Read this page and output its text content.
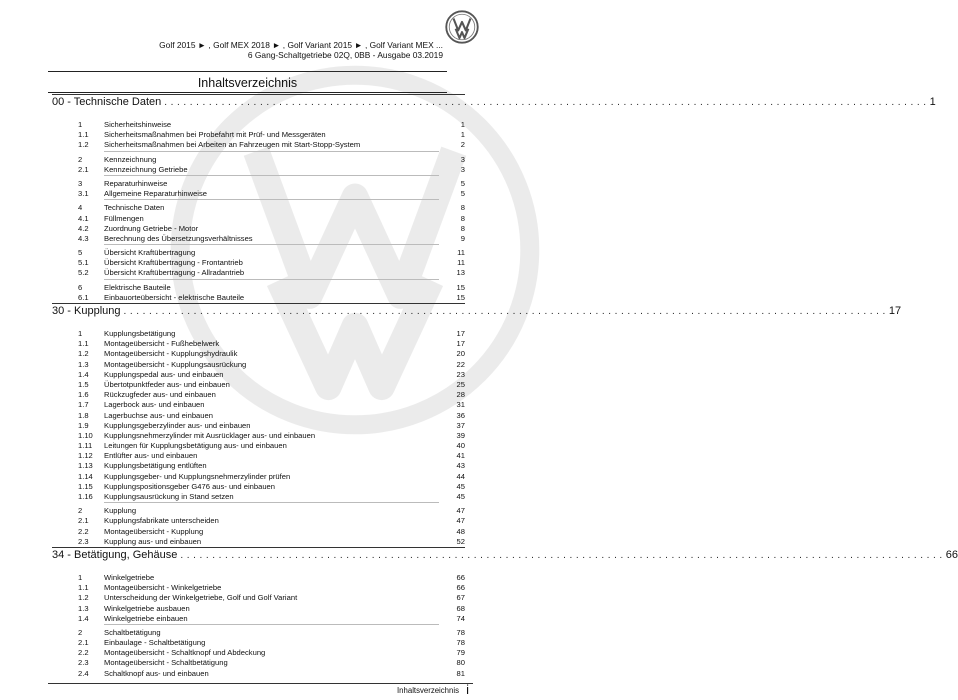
Golf 2015 ► , Golf MEX 2018 ► , Golf Variant 2015 ► , Golf Variant MEX ...
6 Gang-Schaltgetriebe 02Q, 0BB - Ausgabe 03.2019
Inhaltsverzeichnis
00 - Technische Daten ........................................................................................................................ 1
1	Sicherheitshinweise	1
1.1	Sicherheitsmaßnahmen bei Probefahrt mit Prüf- und Messgeräten	1
1.2	Sicherheitsmaßnahmen bei Arbeiten an Fahrzeugen mit Start-Stopp-System	2
2	Kennzeichnung	3
2.1	Kennzeichnung Getriebe	3
3	Reparaturhinweise	5
3.1	Allgemeine Reparaturhinweise	5
4	Technische Daten	8
4.1	Füllmengen	8
4.2	Zuordnung Getriebe - Motor	8
4.3	Berechnung des Übersetzungsverhältnisses	9
5	Übersicht Kraftübertragung	11
5.1	Übersicht Kraftübertragung - Frontantrieb	11
5.2	Übersicht Kraftübertragung - Allradantrieb	13
6	Elektrische Bauteile	15
6.1	Einbauorteübersicht - elektrische Bauteile	15
30 - Kupplung ........................................................................................................................ 17
1	Kupplungsbetätigung	17
1.1	Montageübersicht - Fußhebelwerk	17
1.2	Montageübersicht - Kupplungshydraulik	20
1.3	Montageübersicht - Kupplungsausrückung	22
1.4	Kupplungspedal aus- und einbauen	23
1.5	Übertotpunktfeder aus- und einbauen	25
1.6	Rückzugfeder aus- und einbauen	28
1.7	Lagerbock aus- und einbauen	31
1.8	Lagerbuchse aus- und einbauen	36
1.9	Kupplungsgeberzylinder aus- und einbauen	37
1.10	Kupplungsnehmerzylinder mit Ausrücklager aus- und einbauen	39
1.11	Leitungen für Kupplungsbetätigung aus- und einbauen	40
1.12	Entlüfter aus- und einbauen	41
1.13	Kupplungsbetätigung entlüften	43
1.14	Kupplungsgeber- und Kupplungsnehmerzylinder prüfen	44
1.15	Kupplungspositionsgeber G476 aus- und einbauen	45
1.16	Kupplungsausrückung in Stand setzen	45
2	Kupplung	47
2.1	Kupplungsfabrikate unterscheiden	47
2.2	Montageübersicht - Kupplung	48
2.3	Kupplung aus- und einbauen	52
34 - Betätigung, Gehäuse ........................................................................................................................ 66
1	Winkelgetriebe	66
1.1	Montageübersicht - Winkelgetriebe	66
1.2	Unterscheidung der Winkelgetriebe, Golf und Golf Variant	67
1.3	Winkelgetriebe ausbauen	68
1.4	Winkelgetriebe einbauen	74
2	Schaltbetätigung	78
2.1	Einbaulage - Schaltbetätigung	78
2.2	Montageübersicht - Schaltknopf und Abdeckung	79
2.3	Montageübersicht - Schaltbetätigung	80
2.4	Schaltknopf aus- und einbauen	81
Inhaltsverzeichnis i
